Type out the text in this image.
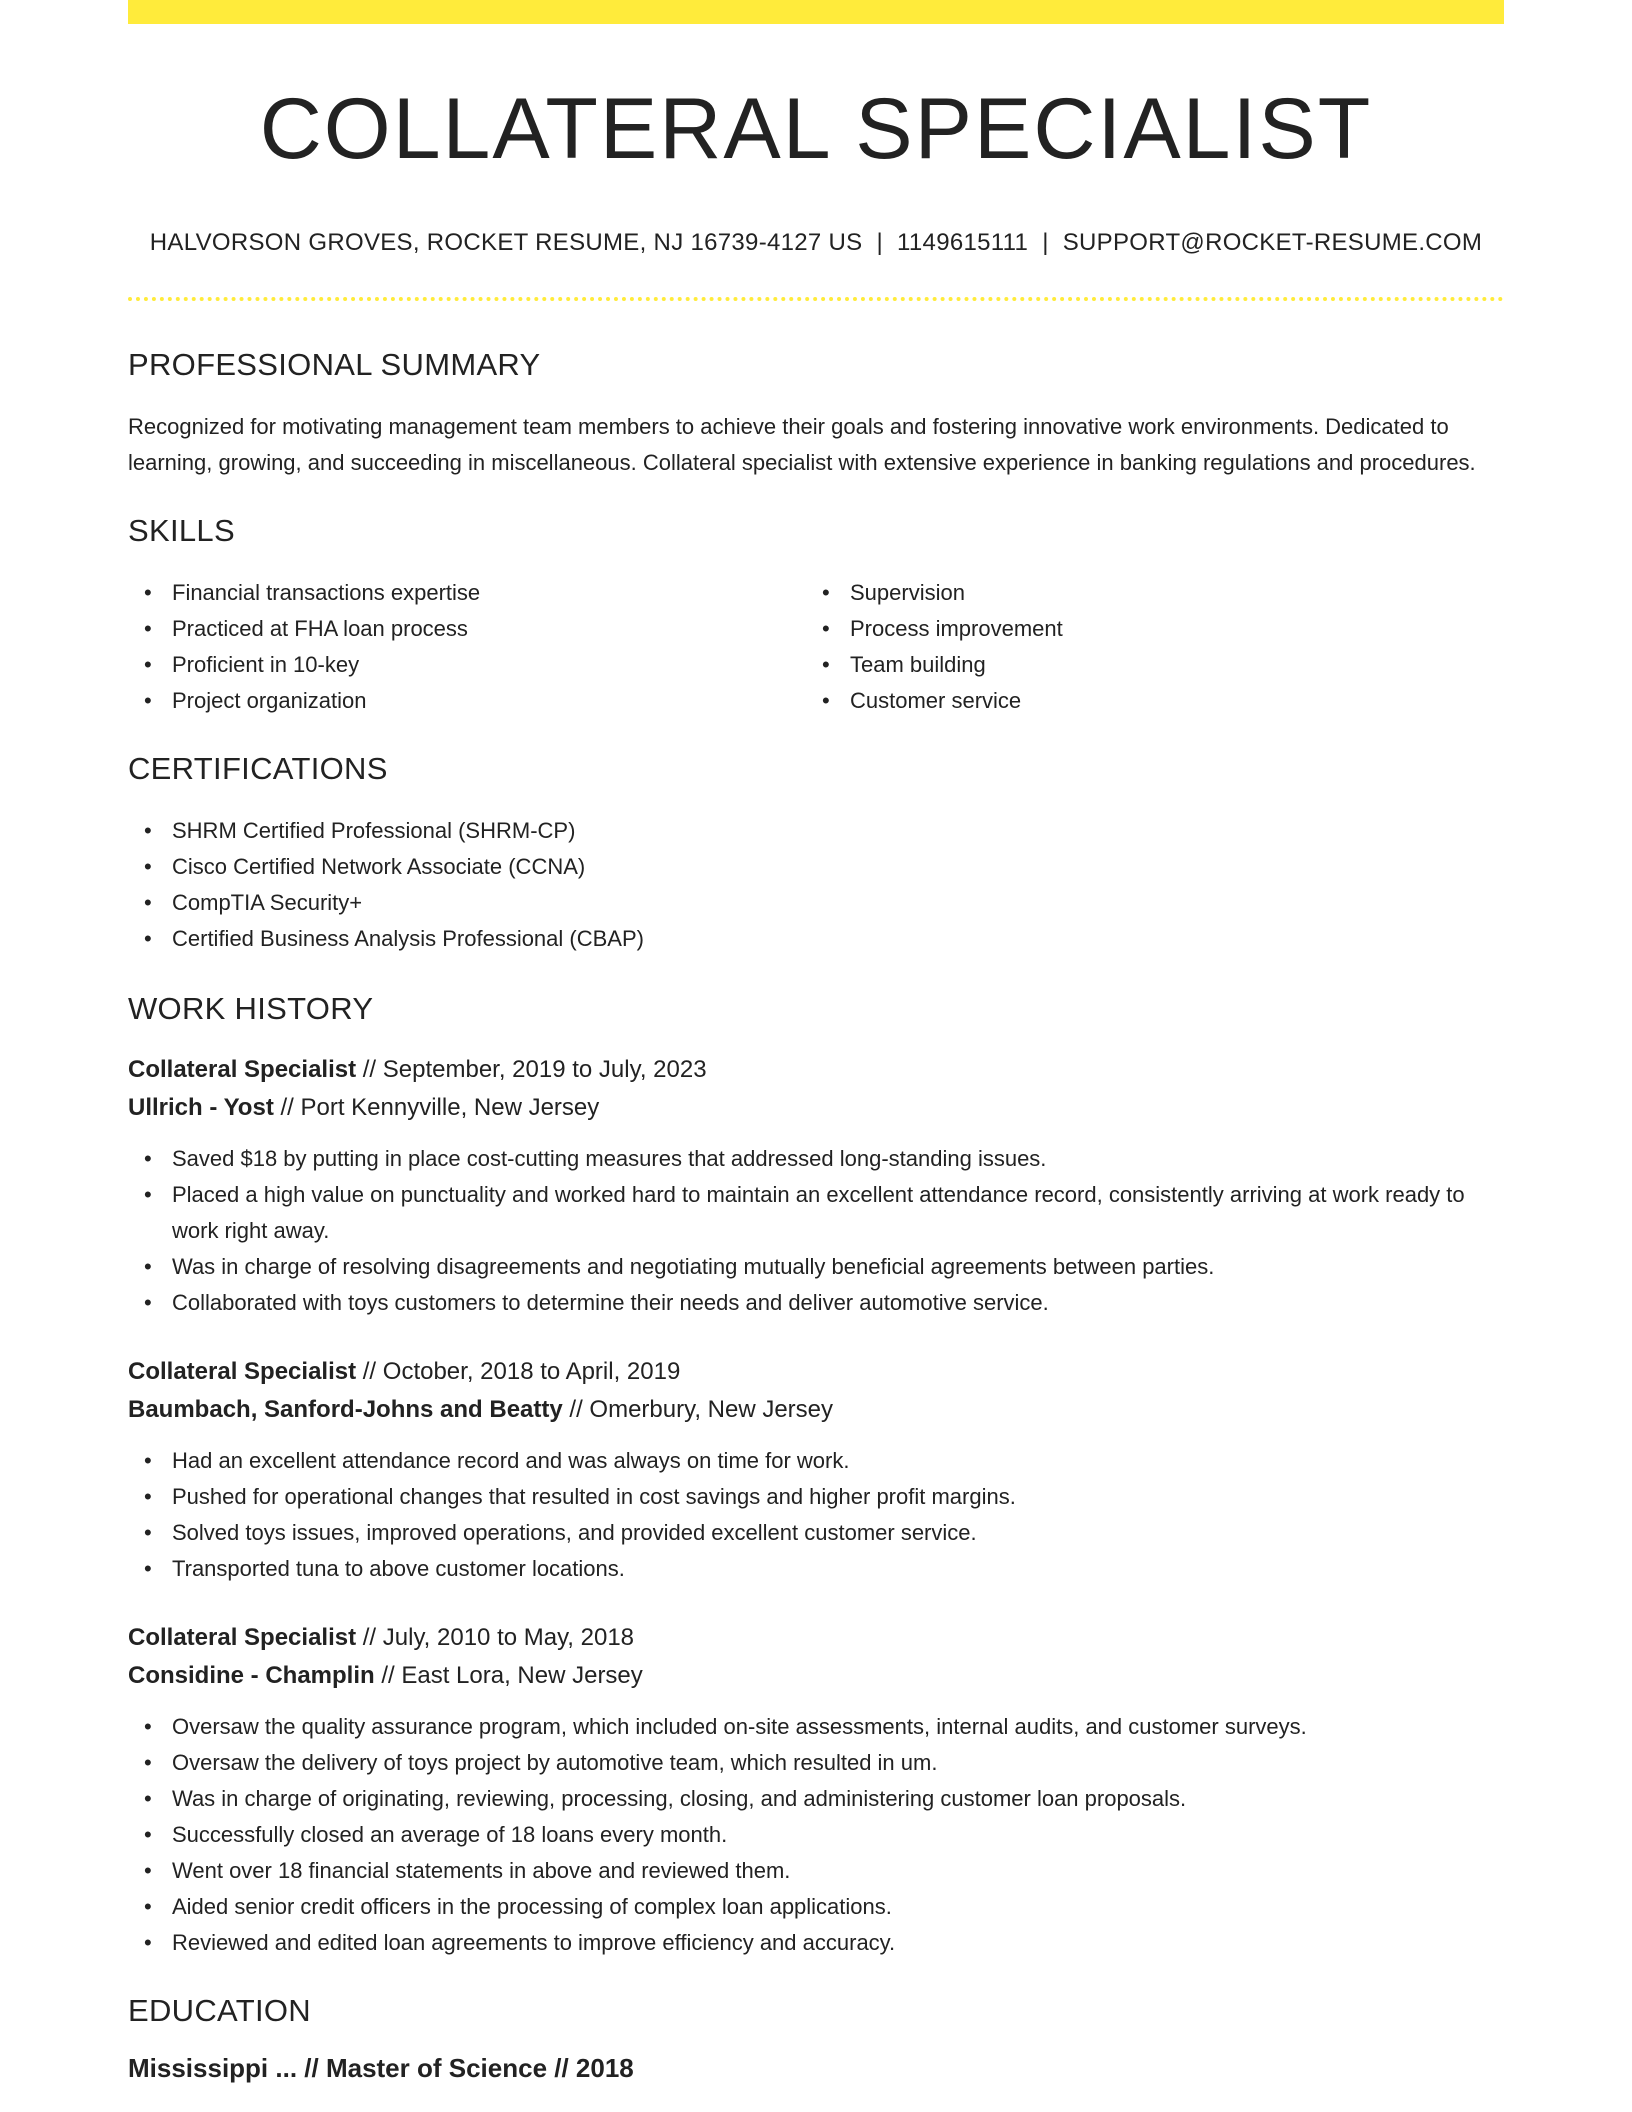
COLLATERAL SPECIALIST
HALVORSON GROVES, ROCKET RESUME, NJ 16739-4127 US | 1149615111 | SUPPORT@ROCKET-RESUME.COM
PROFESSIONAL SUMMARY

Recognized for motivating management team members to achieve their goals and fostering innovative work environments. Dedicated to learning, growing, and succeeding in miscellaneous. Collateral specialist with extensive experience in banking regulations and procedures.

SKILLS
• Financial transactions expertise
• Practiced at FHA loan process
• Proficient in 10-key
• Project organization
• Supervision
• Process improvement
• Team building
• Customer service
CERTIFICATIONS
• SHRM Certified Professional (SHRM-CP)
• Cisco Certified Network Associate (CCNA)
• CompTIA Security+
• Certified Business Analysis Professional (CBAP)
WORK HISTORY
Collateral Specialist // September, 2019 to July, 2023
Ullrich - Yost // Port Kennyville, New Jersey
• Saved $18 by putting in place cost-cutting measures that addressed long-standing issues.
• Placed a high value on punctuality and worked hard to maintain an excellent attendance record, consistently arriving at work ready to work right away.
• Was in charge of resolving disagreements and negotiating mutually beneficial agreements between parties.
• Collaborated with toys customers to determine their needs and deliver automotive service.
Collateral Specialist // October, 2018 to April, 2019
Baumbach, Sanford-Johns and Beatty // Omerbury, New Jersey
• Had an excellent attendance record and was always on time for work.
• Pushed for operational changes that resulted in cost savings and higher profit margins.
• Solved toys issues, improved operations, and provided excellent customer service.
• Transported tuna to above customer locations.
Collateral Specialist // July, 2010 to May, 2018
Considine - Champlin // East Lora, New Jersey
• Oversaw the quality assurance program, which included on-site assessments, internal audits, and customer surveys.
• Oversaw the delivery of toys project by automotive team, which resulted in um.
• Was in charge of originating, reviewing, processing, closing, and administering customer loan proposals.
• Successfully closed an average of 18 loans every month.
• Went over 18 financial statements in above and reviewed them.
• Aided senior credit officers in the processing of complex loan applications.
• Reviewed and edited loan agreements to improve efficiency and accuracy.
EDUCATION
Mississippi ... // Master of Science // 2018
